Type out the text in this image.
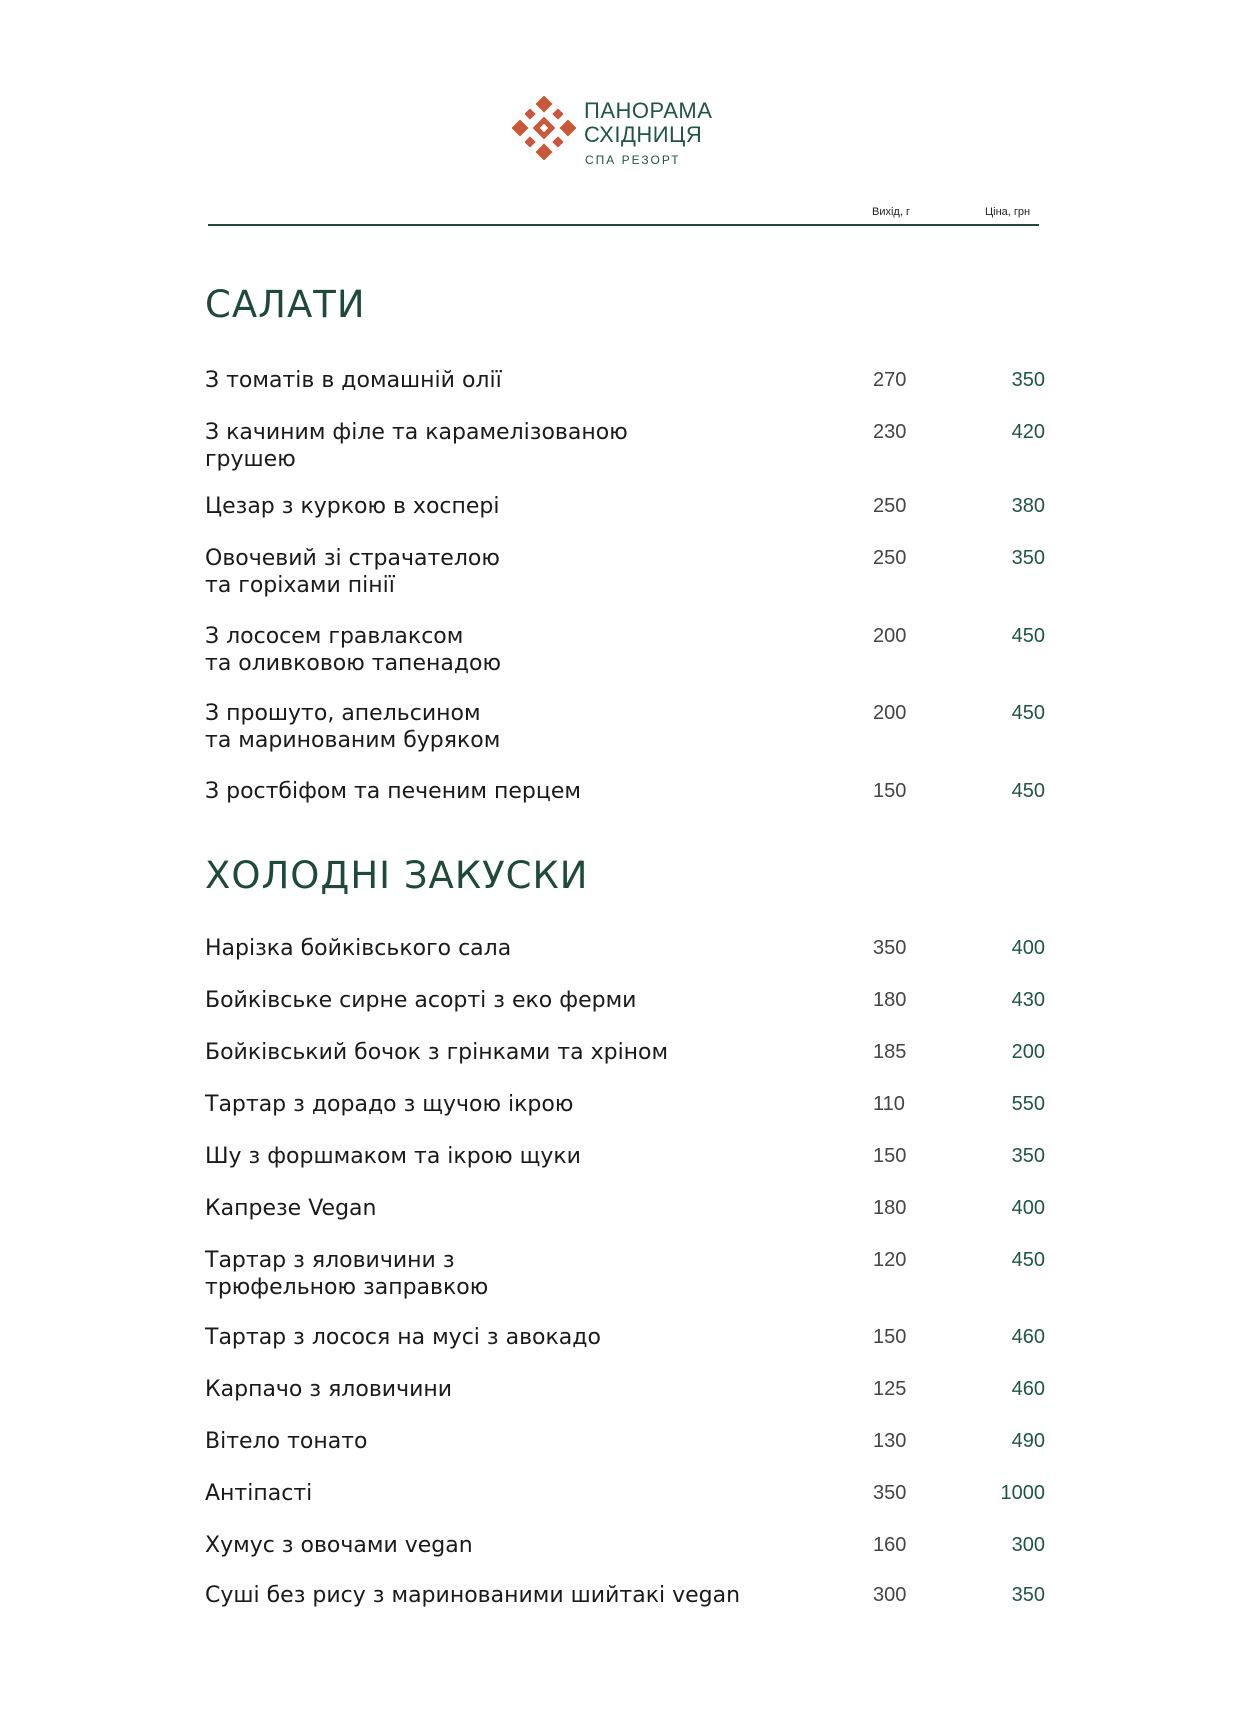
ПАНОРАМА
СХІДНИЦЯ
СПА РЕЗОРТ
Вихід, г	Ціна, грн
САЛАТИ
З томатів в домашній олії	270	350
З качиним філе та карамелізованою
грушею
230	420
Цезар з куркою в хоспері	250	380
Овочевий зі страчателою
та горіхами пінії
250	350
З лососем гравлаксом
та оливковою тапенадою
200	450
З прошуто, апельсином
та маринованим буряком
200	450
З ростбіфом та печеним перцем	150	450
ХОЛОДНІ ЗАКУСКИ
Нарізка бойківського сала	350	400
Бойківське сирне асорті з еко ферми	180	430
Бойківський бочок з грінками та хріном	185	200
Тартар з дорадо з щучою ікрою	110	550
Шу з форшмаком та ікрою щуки	150	350
Капрезе Vegan	180	400
Тартар з яловичини з
трюфельною заправкою
120	450
Тартар з лосося на мусі з авокадо	150	460
Карпачо з яловичини	125	460
Вітело тонато	130	490
Антіпасті	350	1000
Хумус з овочами vegan	160	300
Суші без рису з маринованими шийтакі vegan	300	350
